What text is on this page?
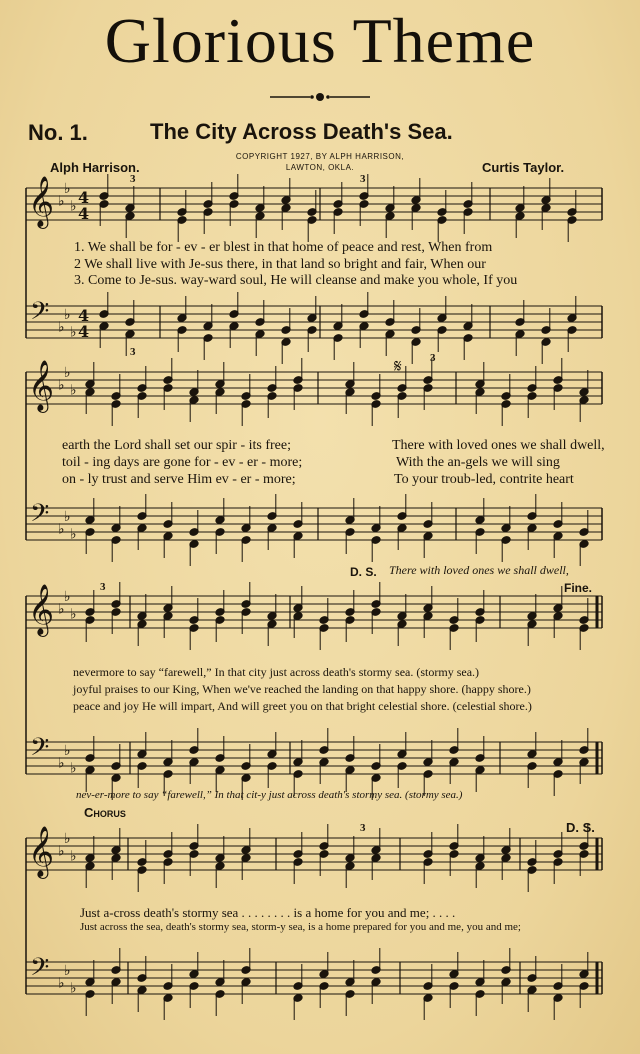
Glorious Theme
No. 1.	The City Across Death's Sea.
COPYRIGHT 1927, BY ALPH HARRISON,
LAWTON, OKLA.
Alph Harrison.	Curtis Taylor.
𝄞
𝄢
♭
♭
♭
♭
♭
♭
4
4
4
4
𝄞
𝄢
♭
♭
♭
♭
♭
♭
𝄞
𝄢
♭
♭
♭
♭
♭
♭
𝄞
𝄢
♭
♭
♭
♭
♭
♭
𝄋
3	3
3	3
3
3
1. We shall be for - ev - er blest in that home of peace and rest, When from
2 We shall live with Je-sus there, in that land so bright and fair, When our
3. Come to Je-sus. way-ward soul, He will cleanse and make you whole, If you
earth the Lord shall set our spir - its free;
toil - ing days are gone for - ev - er - more;
on - ly trust and serve Him ev - er - more;
There with loved ones we shall dwell,
With the an-gels we will sing
To your troub-led, contrite heart
D. S. There with loved ones we shall dwell,
Fine.
nevermore to say “farewell,” In that city just across death's stormy sea. (stormy sea.)
joyful praises to our King, When we've reached the landing on that happy shore. (happy shore.)
peace and joy He will impart, And will greet you on that bright celestial shore. (celestial shore.)
nev-er-more to say “farewell,” In that cit-y just across death's stormy sea. (stormy sea.)
Chorus
D. S.
Just a-cross death's stormy sea . . . . . . . . is a home for you and me; . . . .
Just across the sea, death's stormy sea, storm-y sea, is a home prepared for you and me, you and me;
